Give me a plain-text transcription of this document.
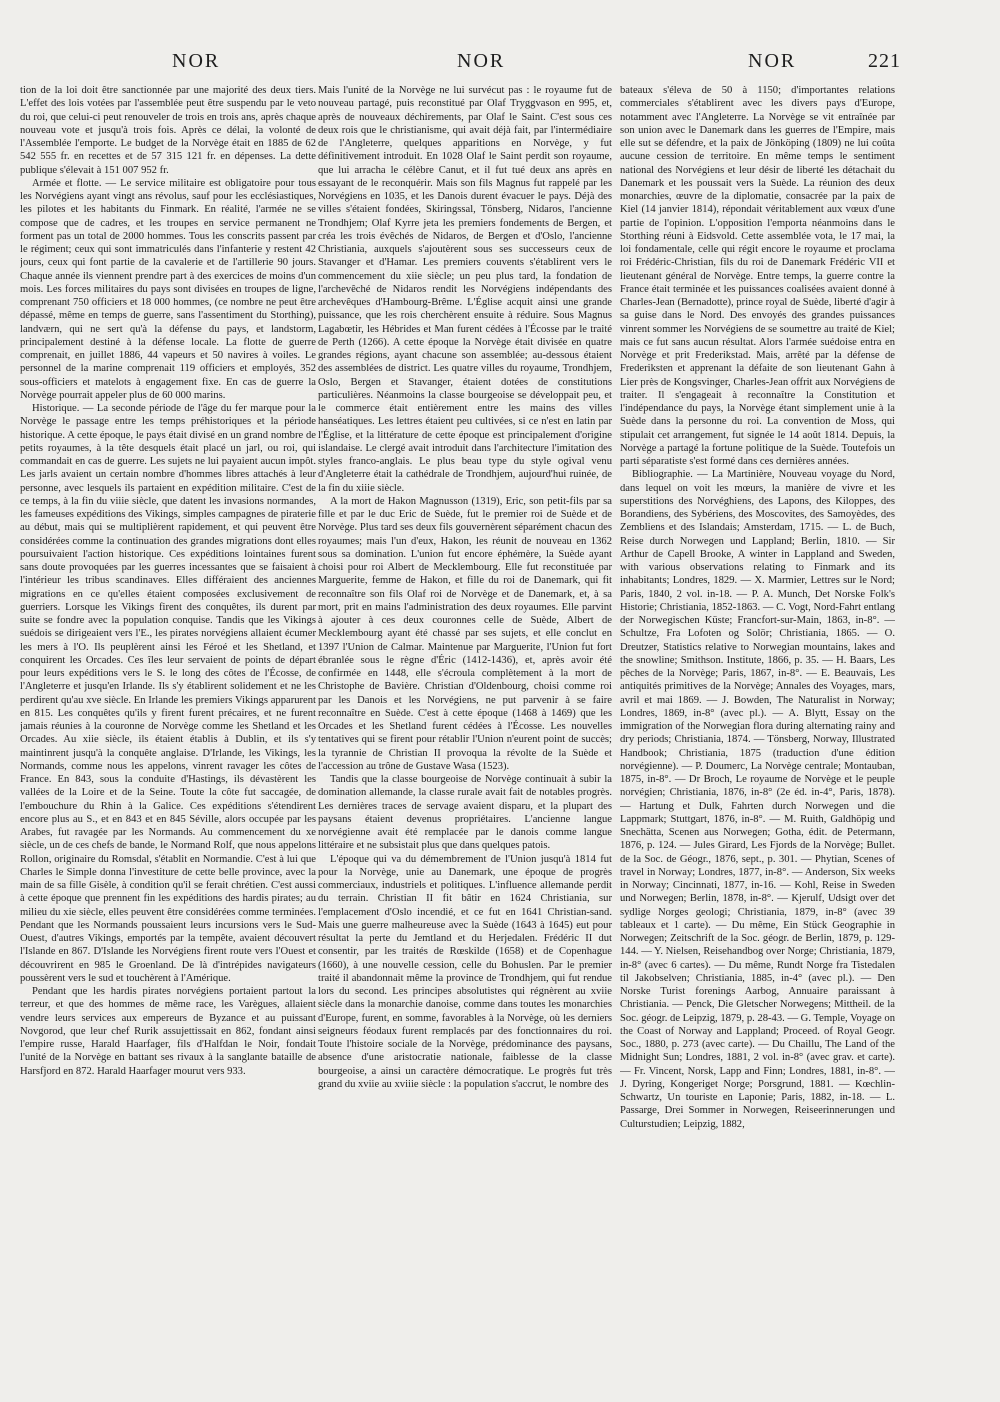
NOR	NOR	NOR	221

tion de la loi doit être sanctionnée par une majorité des deux tiers. L'effet des lois votées par l'assemblée peut être suspendu par le veto du roi, que celui-ci peut renouveler de trois en trois ans, après chaque nouveau vote et jusqu'à trois fois. Après ce délai, la volonté de l'Assemblée l'emporte. Le budget de la Norvège était en 1885 de 62 542 555 fr. en recettes et de 57 315 121 fr. en dépenses. La dette publique s'élevait à 151 007 952 fr.

Armée et flotte. — Le service militaire est obligatoire pour tous les Norvégiens ayant vingt ans révolus, sauf pour les ecclésiastiques, les pilotes et les habitants du Finmark. En réalité, l'armée ne se compose que de cadres, et les troupes en service permanent ne forment pas un total de 2000 hommes. Tous les conscrits passent par le régiment; ceux qui sont immatriculés dans l'infanterie y restent 42 jours, ceux qui font partie de la cavalerie et de l'artillerie 90 jours. Chaque année ils viennent prendre part à des exercices de moins d'un mois. Les forces militaires du pays sont divisées en troupes de ligne, comprenant 750 officiers et 18 000 hommes, (ce nombre ne peut être dépassé, même en temps de guerre, sans l'assentiment du Storthing), landværn, qui ne sert qu'à la défense du pays, et landstorm, principalement destiné à la défense locale. La flotte de guerre comprenait, en juillet 1886, 44 vapeurs et 50 navires à voiles. Le personnel de la marine comprenait 119 officiers et employés, 352 sous-officiers et matelots à engagement fixe. En cas de guerre la Norvège pourrait appeler plus de 60 000 marins.

Historique. — La seconde période de l'âge du fer marque pour la Norvège le passage entre les temps préhistoriques et la période historique. A cette époque, le pays était divisé en un grand nombre de petits royaumes, à la tête desquels était placé un jarl, ou roi, qui commandait en cas de guerre. Les sujets ne lui payaient aucun impôt. Les jarls avaient un certain nombre d'hommes libres attachés à leur personne, avec lesquels ils partaient en expédition militaire. C'est de ce temps, à la fin du viiie siècle, que datent les invasions normandes, les fameuses expéditions des Vikings, simples campagnes de piraterie au début, mais qui se multiplièrent rapidement, et qui peuvent être considérées comme la continuation des grandes migrations dont elles poursuivaient l'action historique. Ces expéditions lointaines furent sans doute provoquées par les guerres incessantes que se faisaient à l'intérieur les tribus scandinaves. Elles différaient des anciennes migrations en ce qu'elles étaient composées exclusivement de guerriers. Lorsque les Vikings firent des conquêtes, ils durent par suite se fondre avec la population conquise. Tandis que les Vikings suédois se dirigeaient vers l'E., les pirates norvégiens allaient écumer les mers à l'O. Ils peuplèrent ainsi les Féroé et les Shetland, et conquirent les Orcades. Ces îles leur servaient de points de départ pour leurs expéditions vers le S. le long des côtes de l'Écosse, de l'Angleterre et jusqu'en Irlande. Ils s'y établirent solidement et ne les perdirent qu'au xve siècle. En Irlande les premiers Vikings apparurent en 815. Les conquêtes qu'ils y firent furent précaires, et ne furent jamais réunies à la couronne de Norvège comme les Shetland et les Orcades. Au xiie siècle, ils étaient établis à Dublin, et ils s'y maintinrent jusqu'à la conquête anglaise. D'Irlande, les Vikings, les Normands, comme nous les appelons, vinrent ravager les côtes de France. En 843, sous la conduite d'Hastings, ils dévastèrent les vallées de la Loire et de la Seine. Toute la côte fut saccagée, de l'embouchure du Rhin à la Galice. Ces expéditions s'étendirent encore plus au S., et en 843 et en 845 Séville, alors occupée par les Arabes, fut ravagée par les Normands. Au commencement du xe siècle, un de ces chefs de bande, le Normand Rolf, que nous appelons Rollon, originaire du Romsdal, s'établit en Normandie. C'est à lui que Charles le Simple donna l'investiture de cette belle province, avec la main de sa fille Gisèle, à condition qu'il se ferait chrétien. C'est aussi à cette époque que prennent fin les expéditions des hardis pirates; au milieu du xie siècle, elles peuvent être considérées comme terminées. Pendant que les Normands poussaient leurs incursions vers le Sud-Ouest, d'autres Vikings, emportés par la tempête, avaient découvert l'Islande en 867. D'Islande les Norvégiens firent route vers l'Ouest et découvrirent en 985 le Groenland. De là d'intrépides navigateurs poussèrent vers le sud et touchèrent à l'Amérique.

Pendant que les hardis pirates norvégiens portaient partout la terreur, et que des hommes de même race, les Varègues, allaient vendre leurs services aux empereurs de Byzance et au puissant Novgorod, que leur chef Rurik assujettissait en 862, fondant ainsi l'empire russe, Harald Haarfager, fils d'Halfdan le Noir, fondait l'unité de la Norvège en battant ses rivaux à la sanglante bataille de Harsfjord en 872. Harald Haarfager mourut vers 933.

Mais l'unité de la Norvège ne lui survécut pas : le royaume fut de nouveau partagé, puis reconstitué par Olaf Tryggvason en 995, et, après de nouveaux déchirements, par Olaf le Saint. C'est sous ces deux rois que le christianisme, qui avait déjà fait, par l'intermédiaire de l'Angleterre, quelques apparitions en Norvège, y fut définitivement introduit. En 1028 Olaf le Saint perdit son royaume, que lui arracha le célèbre Canut, et il fut tué deux ans après en essayant de le reconquérir. Mais son fils Magnus fut rappelé par les Norvégiens en 1035, et les Danois durent évacuer le pays. Déjà des villes s'étaient fondées, Skiringssal, Tönsberg, Nidaros, l'ancienne Trondhjem; Olaf Kyrre jeta les premiers fondements de Bergen, et créa les trois évêchés de Nidaros, de Bergen et d'Oslo, l'ancienne Christiania, auxquels s'ajoutèrent sous ses successeurs ceux de Stavanger et d'Hamar. Les premiers couvents s'établirent vers le commencement du xiie siècle; un peu plus tard, la fondation de l'archevêché de Nidaros rendit les Norvégiens indépendants des archevêques d'Hambourg-Brême. L'Église acquit ainsi une grande puissance, que les rois cherchèrent ensuite à réduire. Sous Magnus Lagabœtir, les Hébrides et Man furent cédées à l'Écosse par le traité de Perth (1266). A cette époque la Norvège était divisée en quatre grandes régions, ayant chacune son assemblée; au-dessous étaient des assemblées de district. Les quatre villes du royaume, Trondhjem, Oslo, Bergen et Stavanger, étaient dotées de constitutions particulières. Néanmoins la classe bourgeoise se développait peu, et le commerce était entièrement entre les mains des villes hanséatiques. Les lettres étaient peu cultivées, si ce n'est en latin par l'Église, et la littérature de cette époque est principalement d'origine islandaise. Le clergé avait introduit dans l'architecture l'imitation des styles franco-anglais. Le plus beau type du style ogival venu d'Angleterre était la cathédrale de Trondhjem, aujourd'hui ruinée, de la fin du xiiie siècle.

A la mort de Hakon Magnusson (1319), Eric, son petit-fils par sa fille et par le duc Eric de Suède, fut le premier roi de Suède et de Norvège. Plus tard ses deux fils gouvernèrent séparément chacun des royaumes; mais l'un d'eux, Hakon, les réunit de nouveau en 1362 sous sa domination. L'union fut encore éphémère, la Suède ayant choisi pour roi Albert de Mecklembourg. Elle fut reconstituée par Marguerite, femme de Hakon, et fille du roi de Danemark, qui fit reconnaître son fils Olaf roi de Norvège et de Danemark, et, à sa mort, prit en mains l'administration des deux royaumes. Elle parvint à ajouter à ces deux couronnes celle de Suède, Albert de Mecklembourg ayant été chassé par ses sujets, et elle conclut en 1397 l'Union de Calmar. Maintenue par Marguerite, l'Union fut fort ébranlée sous le règne d'Éric (1412-1436), et, après avoir été confirmée en 1448, elle s'écroula complètement à la mort de Christophe de Bavière. Christian d'Oldenbourg, choisi comme roi par les Danois et les Norvégiens, ne put parvenir à se faire reconnaître en Suède. C'est à cette époque (1468 à 1469) que les Orcades et les Shetland furent cédées à l'Écosse. Les nouvelles tentatives qui se firent pour rétablir l'Union n'eurent point de succès; la tyrannie de Christian II provoqua la révolte de la Suède et l'accession au trône de Gustave Wasa (1523).

Tandis que la classe bourgeoise de Norvège continuait à subir la domination allemande, la classe rurale avait fait de notables progrès. Les dernières traces de servage avaient disparu, et la plupart des paysans étaient devenus propriétaires. L'ancienne langue norvégienne avait été remplacée par le danois comme langue littéraire et ne subsistait plus que dans quelques patois.

L'époque qui va du démembrement de l'Union jusqu'à 1814 fut pour la Norvège, unie au Danemark, une époque de progrès commerciaux, industriels et politiques. L'influence allemande perdit du terrain. Christian II fit bâtir en 1624 Christiania, sur l'emplacement d'Oslo incendié, et ce fut en 1641 Christian-sand. Mais une guerre malheureuse avec la Suède (1643 à 1645) eut pour résultat la perte du Jemtland et du Herjedalen. Frédéric II dut consentir, par les traités de Rœskilde (1658) et de Copenhague (1660), à une nouvelle cession, celle du Bohuslen. Par le premier traité il abandonnait même la province de Trondhjem, qui fut rendue lors du second. Les principes absolutistes qui régnèrent au xviie siècle dans la monarchie danoise, comme dans toutes les monarchies d'Europe, furent, en somme, favorables à la Norvège, où les derniers seigneurs féodaux furent remplacés par des fonctionnaires du roi. Toute l'histoire sociale de la Norvège, prédominance des paysans, absence d'une aristocratie nationale, faiblesse de la classe bourgeoise, a ainsi un caractère démocratique. Le progrès fut très grand du xviie au xviiie siècle : la population s'accrut, le nombre des

bateaux s'éleva de 50 à 1150; d'importantes relations commerciales s'établirent avec les divers pays d'Europe, notamment avec l'Angleterre. La Norvège se vit entraînée par son union avec le Danemark dans les guerres de l'Empire, mais elle sut se défendre, et la paix de Jönköping (1809) ne lui coûta aucune cession de territoire. En même temps le sentiment national des Norvégiens et leur désir de liberté les détachait du Danemark et les poussait vers la Suède. La réunion des deux monarchies, œuvre de la diplomatie, consacrée par la paix de Kiel (14 janvier 1814), répondait véritablement aux vœux d'une partie de l'opinion. L'opposition l'emporta néanmoins dans le Storthing réuni à Eidsvold. Cette assemblée vota, le 17 mai, la loi fondamentale, celle qui régit encore le royaume et proclama roi Frédéric-Christian, fils du roi de Danemark Frédéric VII et lieutenant général de Norvège. Entre temps, la guerre contre la France était terminée et les puissances coalisées avaient donné à Charles-Jean (Bernadotte), prince royal de Suède, liberté d'agir à sa guise dans le Nord. Des envoyés des grandes puissances vinrent sommer les Norvégiens de se soumettre au traité de Kiel; mais ce fut sans aucun résultat. Alors l'armée suédoise entra en Norvège et prit Frederikstad. Mais, arrêté par la défense de Frederiksten et apprenant la défaite de son lieutenant Gahn à Lier près de Kongsvinger, Charles-Jean offrit aux Norvégiens de traiter. Il s'engageait à reconnaître la Constitution et l'indépendance du pays, la Norvège étant simplement unie à la Suède dans la personne du roi. La convention de Moss, qui stipulait cet arrangement, fut signée le 14 août 1814. Depuis, la Norvège a partagé la fortune politique de la Suède. Toutefois un parti séparatiste s'est formé dans ces dernières années.

Bibliographie. — La Martinière, Nouveau voyage du Nord, dans lequel on voit les mœurs, la manière de vivre et les superstitions des Norvéghiens, des Lapons, des Kiloppes, des Borandiens, des Sybériens, des Moscovites, des Samoyèdes, des Zembliens et des Islandais; Amsterdam, 1715. — L. de Buch, Reise durch Norwegen und Lappland; Berlin, 1810. — Sir Arthur de Capell Brooke, A winter in Lappland and Sweden, with various observations relating to Finmark and its inhabitants; Londres, 1829. — X. Marmier, Lettres sur le Nord; Paris, 1840, 2 vol. in-18. — P. A. Munch, Det Norske Folk's Historie; Christiania, 1852-1863. — C. Vogt, Nord-Fahrt entlang der Norwegischen Küste; Francfort-sur-Main, 1863, in-8°. — Schultze, Fra Lofoten og Solör; Christiania, 1865. — O. Dreutzer, Statistics relative to Norwegian mountains, lakes and the snowline; Smithson. Institute, 1866, p. 35. — H. Baars, Les pêches de la Norvège; Paris, 1867, in-8°. — E. Beauvais, Les antiquités primitives de la Norvège; Annales des Voyages, mars, avril et mai 1869. — J. Bowden, The Naturalist in Norway; Londres, 1869, in-8° (avec pl.). — A. Blytt, Essay on the immigration of the Norwegian flora during alternating rainy and dry periods; Christiania, 1874. — Tönsberg, Norway, Illustrated Handbook; Christiania, 1875 (traduction d'une édition norvégienne). — P. Doumerc, La Norvège centrale; Montauban, 1875, in-8°. — Dr Broch, Le royaume de Norvège et le peuple norvégien; Christiania, 1876, in-8° (2e éd. in-4°, Paris, 1878). — Hartung et Dulk, Fahrten durch Norwegen und die Lappmark; Stuttgart, 1876, in-8°. — M. Ruith, Galdhöpig und Snechätta, Scenen aus Norwegen; Gotha, édit. de Petermann, 1876, p. 124. — Jules Girard, Les Fjords de la Norvège; Bullet. de la Soc. de Géogr., 1876, sept., p. 301. — Phytian, Scenes of travel in Norway; Londres, 1877, in-8°. — Anderson, Six weeks in Norway; Cincinnati, 1877, in-16. — Kohl, Reise in Sweden und Norwegen; Berlin, 1878, in-8°. — Kjerulf, Udsigt over det sydlige Norges geologi; Christiania, 1879, in-8° (avec 39 tableaux et 1 carte). — Du même, Ein Stück Geographie in Norwegen; Zeitschrift de la Soc. géogr. de Berlin, 1879, p. 129-144. — Y. Nielsen, Reisehandbog over Norge; Christiania, 1879, in-8° (avec 6 cartes). — Du même, Rundt Norge fra Tistedalen til Jakobselven; Christiania, 1885, in-4° (avec pl.). — Den Norske Turist forenings Aarbog, Annuaire paraissant à Christiania. — Penck, Die Gletscher Norwegens; Mittheil. de la Soc. géogr. de Leipzig, 1879, p. 28-43. — G. Temple, Voyage on the Coast of Norway and Lappland; Proceed. of Royal Geogr. Soc., 1880, p. 273 (avec carte). — Du Chaillu, The Land of the Midnight Sun; Londres, 1881, 2 vol. in-8° (avec grav. et carte). — Fr. Vincent, Norsk, Lapp and Finn; Londres, 1881, in-8°. — J. Dyring, Kongeriget Norge; Porsgrund, 1881. — Kœchlin-Schwartz, Un touriste en Laponie; Paris, 1882, in-18. — L. Passarge, Drei Sommer in Norwegen, Reiseerinnerungen und Culturstudien; Leipzig, 1882,
